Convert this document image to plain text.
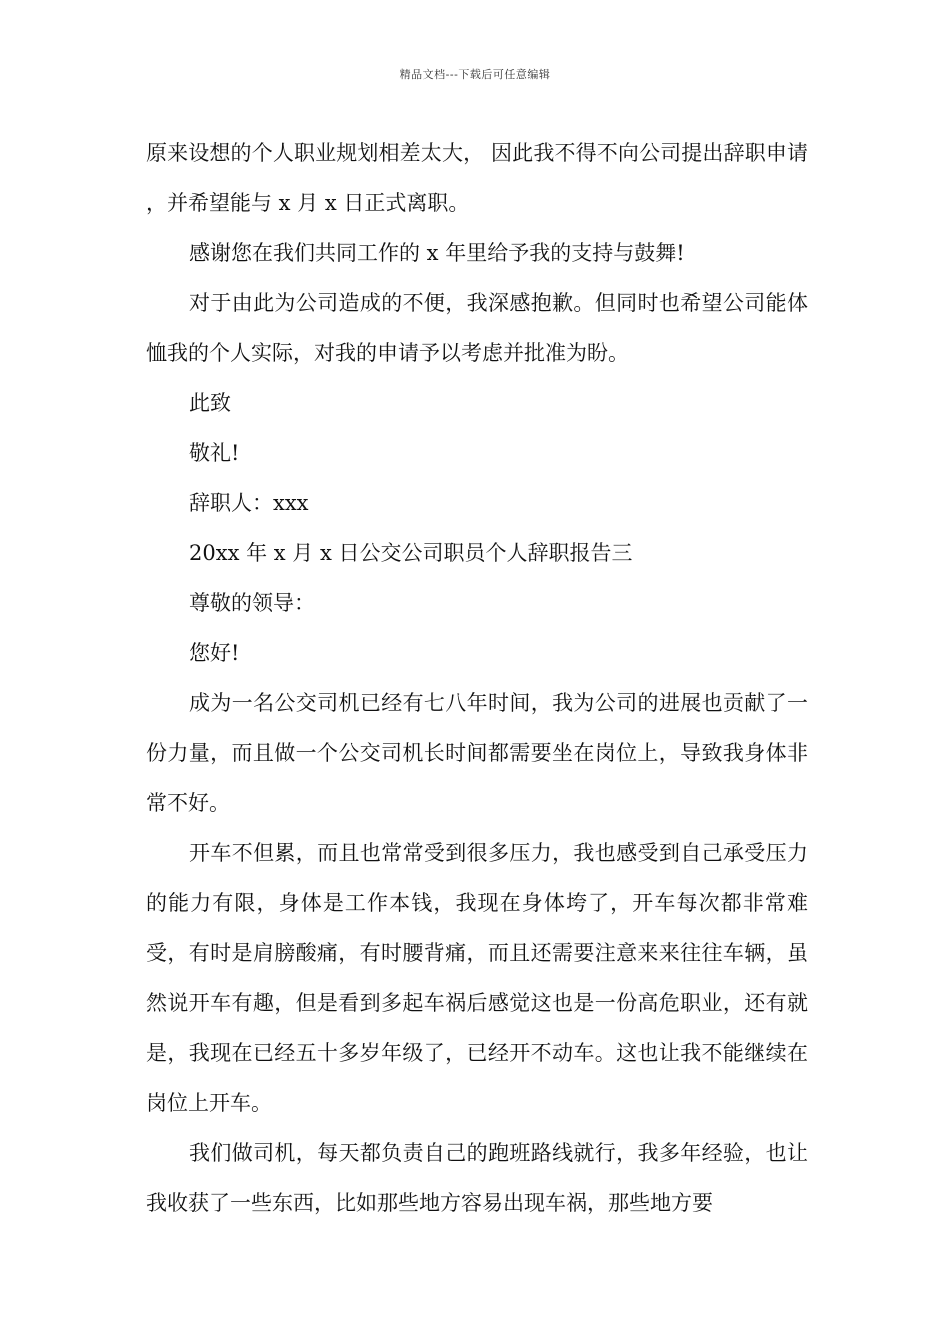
精品文档---下载后可任意编辑

原来设想的个人职业规划相差太大， 因此我不得不向公司提出辞职申请 ，并希望能与 x 月 x 日正式离职。

感谢您在我们共同工作的 x 年里给予我的支持与鼓舞!

对于由此为公司造成的不便，我深感抱歉。但同时也希望公司能体恤我的个人实际，对我的申请予以考虑并批准为盼。

此致

敬礼!

辞职人：xxx

20xx 年 x 月 x 日公交公司职员个人辞职报告三

尊敬的领导：

您好!

成为一名公交司机已经有七八年时间，我为公司的进展也贡献了一份力量，而且做一个公交司机长时间都需要坐在岗位上，导致我身体非常不好。

开车不但累，而且也常常受到很多压力，我也感受到自己承受压力的能力有限，身体是工作本钱，我现在身体垮了，开车每次都非常难受，有时是肩膀酸痛，有时腰背痛，而且还需要注意来来往往车辆，虽然说开车有趣，但是看到多起车祸后感觉这也是一份高危职业，还有就是，我现在已经五十多岁年级了，已经开不动车。这也让我不能继续在岗位上开车。

我们做司机，每天都负责自己的跑班路线就行，我多年经验，也让我收获了一些东西，比如那些地方容易出现车祸，那些地方要
